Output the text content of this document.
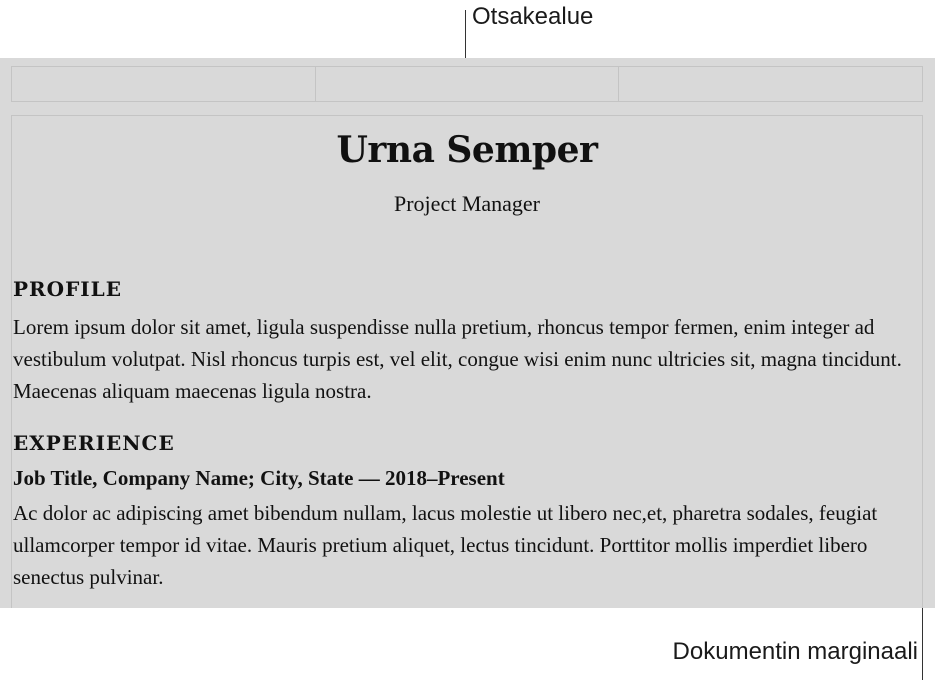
Otsakealue
Urna Semper
Project Manager
PROFILE
Lorem ipsum dolor sit amet, ligula suspendisse nulla pretium, rhoncus tempor fermen, enim integer ad vestibulum volutpat. Nisl rhoncus turpis est, vel elit, congue wisi enim nunc ultricies sit, magna tincidunt. Maecenas aliquam maecenas ligula nostra.
EXPERIENCE
Job Title, Company Name; City, State — 2018–Present
Ac dolor ac adipiscing amet bibendum nullam, lacus molestie ut libero nec,et, pharetra sodales, feugiat ullamcorper tempor id vitae. Mauris pretium aliquet, lectus tincidunt. Porttitor mollis imperdiet libero senectus pulvinar.
Dokumentin marginaali
